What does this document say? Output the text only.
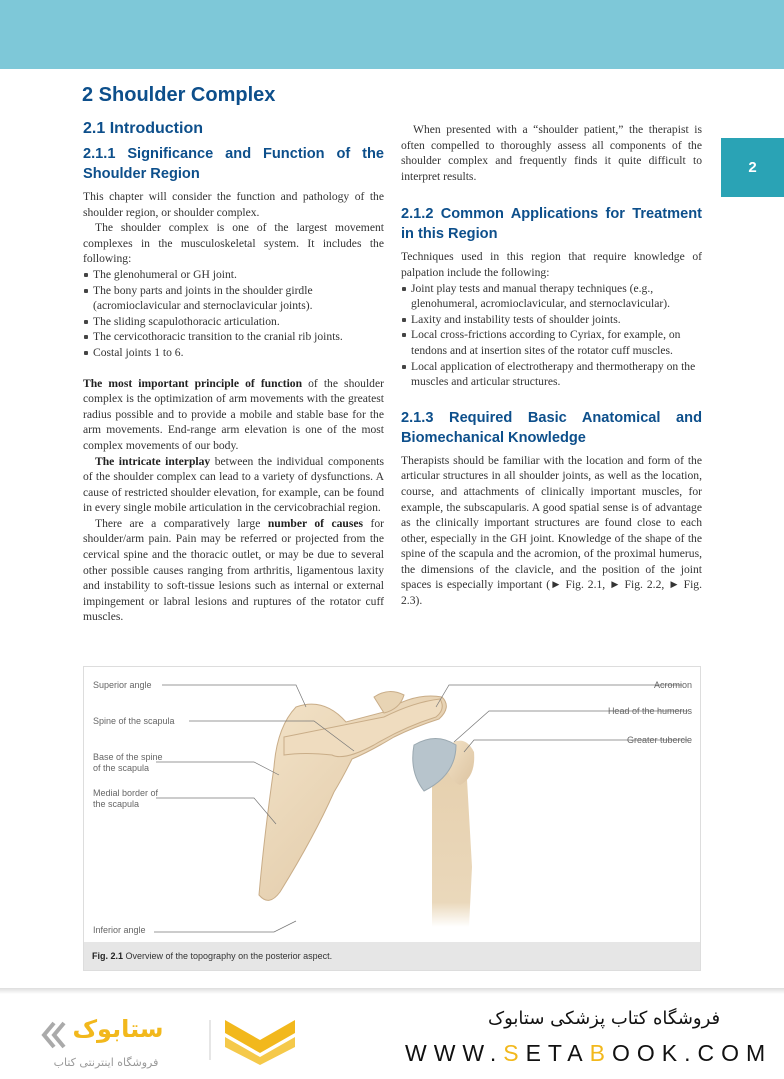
2
2 Shoulder Complex
2.1 Introduction
2.1.1 Significance and Function of the Shoulder Region

This chapter will consider the function and pathology of the shoulder region, or shoulder complex.

The shoulder complex is one of the largest movement complexes in the musculoskeletal system. It includes the following:

The glenohumeral or GH joint.
The bony parts and joints in the shoulder girdle (acromioclavicular and sternoclavicular joints).
The sliding scapulothoracic articulation.
The cervicothoracic transition to the cranial rib joints.
Costal joints 1 to 6.

The most important principle of function of the shoulder complex is the optimization of arm movements with the greatest radius possible and to provide a mobile and stable base for the arm movements. End-range arm elevation is one of the most complex movements of our body.

The intricate interplay between the individual components of the shoulder complex can lead to a variety of dysfunctions. A cause of restricted shoulder elevation, for example, can be found in every single mobile articulation in the cervicobrachial region.

There are a comparatively large number of causes for shoulder/arm pain. Pain may be referred or projected from the cervical spine and the thoracic outlet, or may be due to several other possible causes ranging from arthritis, ligamentous laxity and instability to soft-tissue lesions such as internal or external impingement or labral lesions and ruptures of the rotator cuff muscles.

When presented with a “shoulder patient,” the therapist is often compelled to thoroughly assess all components of the shoulder complex and frequently finds it quite difficult to interpret results.

2.1.2 Common Applications for Treatment in this Region

Techniques used in this region that require knowledge of palpation include the following:

Joint play tests and manual therapy techniques (e.g., glenohumeral, acromioclavicular, and sternoclavicular).
Laxity and instability tests of shoulder joints.
Local cross-frictions according to Cyriax, for example, on tendons and at insertion sites of the rotator cuff muscles.
Local application of electrotherapy and thermotherapy on the muscles and articular structures.
2.1.3 Required Basic Anatomical and Biomechanical Knowledge

Therapists should be familiar with the location and form of the articular structures in all shoulder joints, as well as the location, course, and attachments of clinically important muscles, for example, the subscapularis. A good spatial sense is of advantage as the clinically important structures are found close to each other, especially in the GH joint. Knowledge of the shape of the spine of the scapula and the acromion, of the proximal humerus, the dimensions of the clavicle, and the position of the joint spaces is especially important (► Fig. 2.1, ► Fig. 2.2, ► Fig. 2.3).

Superior angle
Spine of the scapula
Base of the spine of the scapula
Medial border of the scapula
Inferior angle
Acromion
Head of the humerus
Greater tubercle
Fig. 2.1 Overview of the topography on the posterior aspect.
ستابوک
فروشگاه اینترنتی کتاب
فروشگاه کتاب پزشکی ستابوک
WWW.SETABOOK.COM
